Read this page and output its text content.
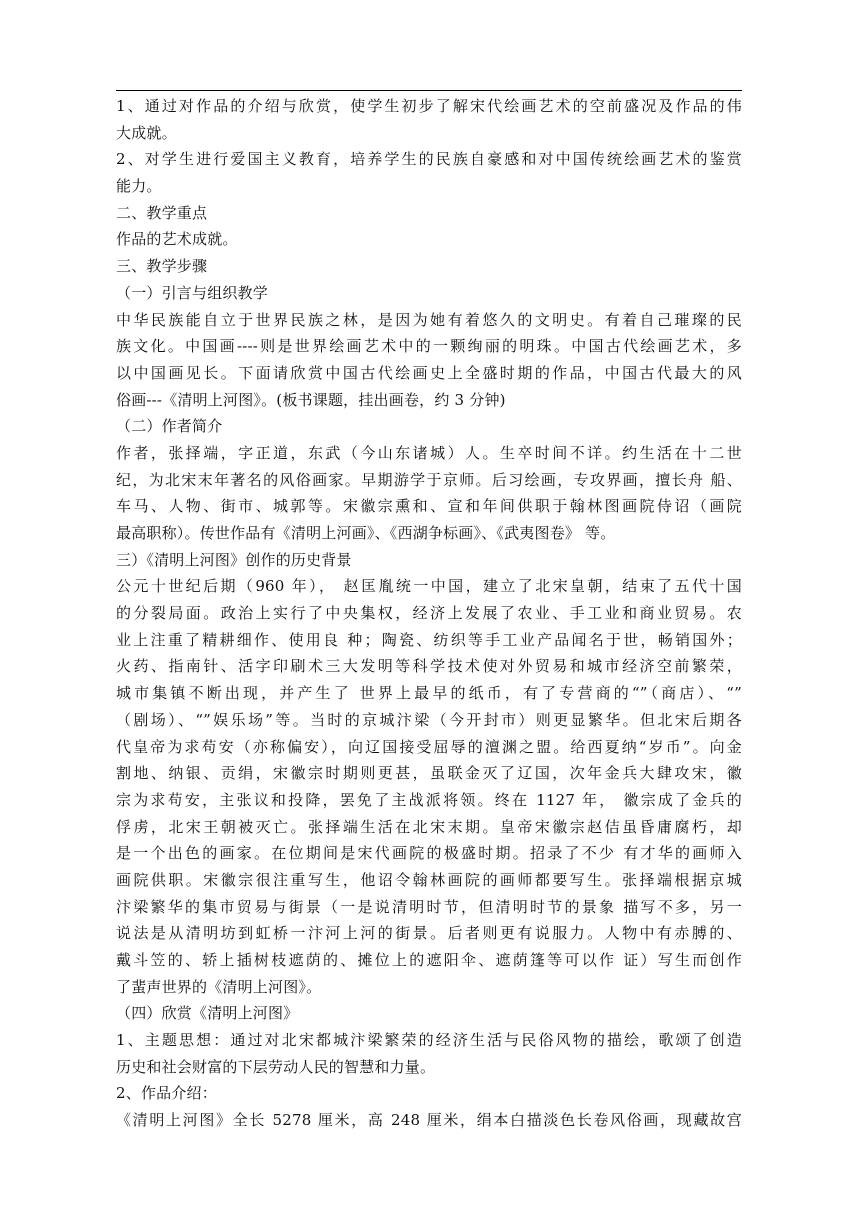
1、通过对作品的介绍与欣赏，使学生初步了解宋代绘画艺术的空前盛况及作品的伟
大成就。
2、对学生进行爱国主义教育，培养学生的民族自豪感和对中国传统绘画艺术的鉴赏
能力。
二、教学重点
作品的艺术成就。
三、教学步骤
（一）引言与组织教学
中华民族能自立于世界民族之林，是因为她有着悠久的文明史。有着自己璀璨的民
族文化。中国画----则是世界绘画艺术中的一颗绚丽的明珠。中国古代绘画艺术，多
以中国画见长。下面请欣赏中国古代绘画史上全盛时期的作品，中国古代最大的风
俗画---《清明上河图》。(板书课题，挂出画卷，约 3 分钟)
（二）作者简介
作者，张择端，字正道，东武（今山东诸城）人。生卒时间不详。约生活在十二世
纪，为北宋末年著名的风俗画家。早期游学于京师。后习绘画，专攻界画，擅长舟 船、
车马、人物、街市、城郭等。宋徽宗熏和、宣和年间供职于翰林图画院侍诏（画院
最高职称）。传世作品有《清明上河画》、《西湖争标画》、《武夷图卷》 等。
三）《清明上河图》创作的历史背景
公元十世纪后期（960 年）， 赵匡胤统一中国，建立了北宋皇朝，结束了五代十国
的分裂局面。政治上实行了中央集权，经济上发展了农业、手工业和商业贸易。农
业上注重了精耕细作、使用良 种；陶瓷、纺织等手工业产品闻名于世，畅销国外；
火药、指南针、活字印刷术三大发明等科学技术使对外贸易和城市经济空前繁荣，
城市集镇不断出现，并产生了 世界上最早的纸币，有了专营商的“”（商店）、“”
（剧场）、“”娱乐场”等。当时的京城汴梁（今开封市）则更显繁华。但北宋后期各
代皇帝为求苟安（亦称偏安），向辽国接受屈辱的澶渊之盟。给西夏纳“岁币”。向金
割地、纳银、贡绢，宋徽宗时期则更甚，虽联金灭了辽国，次年金兵大肆攻宋，徽
宗为求苟安，主张议和投降，罢免了主战派将领。终在 1127 年， 徽宗成了金兵的
俘虏，北宋王朝被灭亡。张择端生活在北宋末期。皇帝宋徽宗赵佶虽昏庸腐朽，却
是一个出色的画家。在位期间是宋代画院的极盛时期。招录了不少 有才华的画师入
画院供职。宋徽宗很注重写生，他诏令翰林画院的画师都要写生。张择端根据京城
汴梁繁华的集市贸易与街景（一是说清明时节，但清明时节的景象 描写不多，另一
说法是从清明坊到虹桥一汴河上河的街景。后者则更有说服力。人物中有赤膊的、
戴斗笠的、轿上插树枝遮荫的、摊位上的遮阳伞、遮荫篷等可以作 证）写生而创作
了蜚声世界的《清明上河图》。
（四）欣赏《清明上河图》
1、主题思想：通过对北宋都城汴梁繁荣的经济生活与民俗风物的描绘，歌颂了创造
历史和社会财富的下层劳动人民的智慧和力量。
2、作品介绍：
《清明上河图》全长 5278 厘米，高 248 厘米，绢本白描淡色长卷风俗画，现藏故宫
